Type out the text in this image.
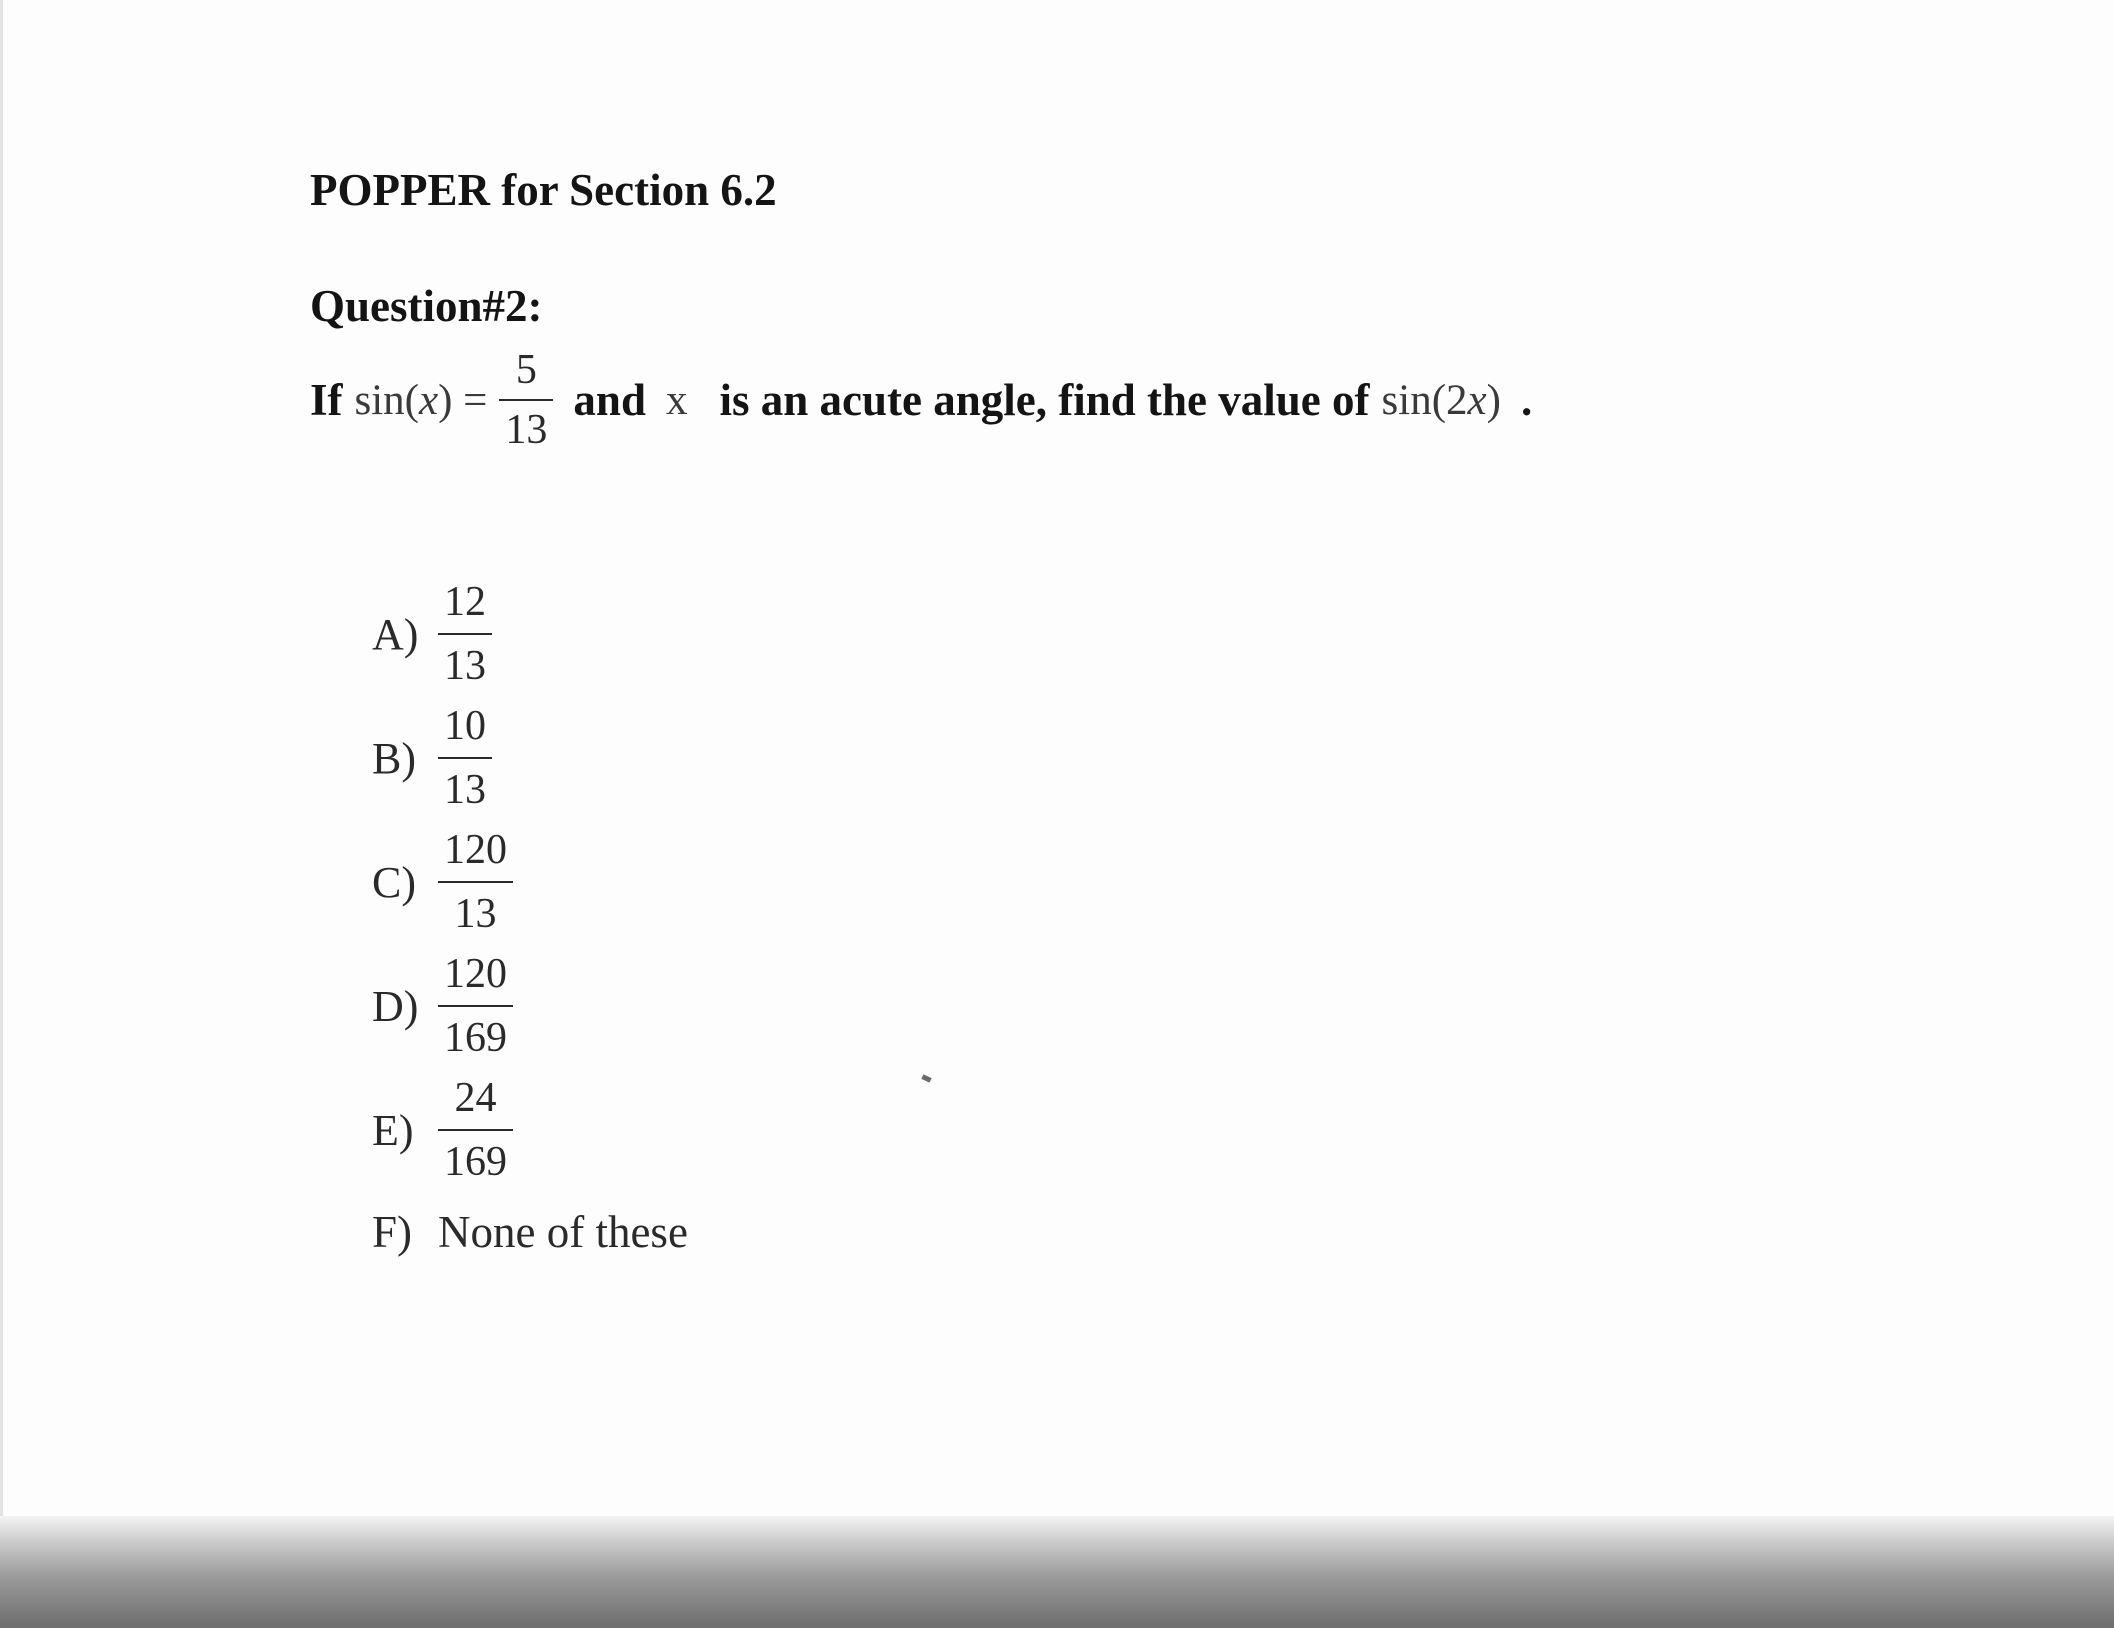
POPPER for Section 6.2
Question#2:
If $\sin(x) = \frac{5}{13}$ and x is an acute angle, find the value of sin(2x) .
$A) \frac{12}{13}$
$B) \frac{10}{13}$
$C) \frac{120}{13}$
$D) \frac{120}{169}$
$E) \frac{24}{169}$
F) None of these
